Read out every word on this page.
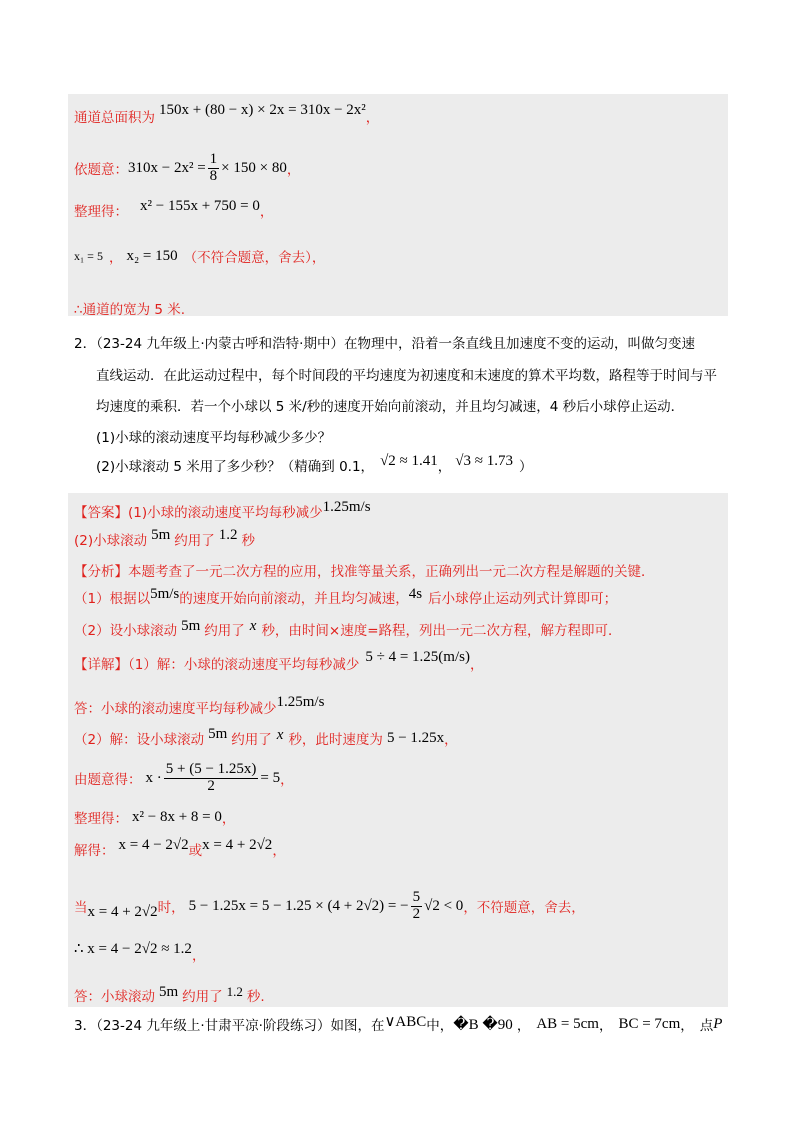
通道总面积为
150x + (80 − x) × 2x = 310x − 2x²
，
依题意： $310x - 2x^2 = \frac{1}{8} \times 150 \times 80$ ，
整理得： x² − 155x + 750 = 0 ，
x₁ = 5 ， x₂ = 150 （不符合题意，舍去），
∴通道的宽为 5 米.
2．（23-24 九年级上·内蒙古呼和浩特·期中）在物理中，沿着一条直线且加速度不变的运动，叫做匀变速
直线运动．在此运动过程中，每个时间段的平均速度为初速度和末速度的算术平均数，路程等于时间与平
均速度的乘积．若一个小球以 5 米/秒的速度开始向前滚动，并且均匀减速，4 秒后小球停止运动．
(1)小球的滚动速度平均每秒减少多少？
(2)小球滚动 5 米用了多少秒？（精确到 0.1， √2 ≈ 1.41 ， √3 ≈ 1.73 ）
【答案】(1)小球的滚动速度平均每秒减少 1.25m/s
(2)小球滚动 5m 约用了 1.2 秒
【分析】本题考查了一元二次方程的应用，找准等量关系，正确列出一元二次方程是解题的关键．
（1）根据以 5m/s 的速度开始向前滚动，并且均匀减速， 4s 后小球停止运动列式计算即可；
（2）设小球滚动 5m 约用了 x 秒，由时间×速度=路程，列出一元二次方程，解方程即可．
【详解】（1）解：小球的滚动速度平均每秒减少
5 ÷ 4 = 1.25(m/s)
，
答：小球的滚动速度平均每秒减少 1.25m/s
（2）解：设小球滚动 5m 约用了 x 秒，此时速度为 5 − 1.25x ，
由题意得： $x \cdot \frac{5 + (5 - 1.25x)}{2} = 5$ ，
整理得： x² − 8x + 8 = 0 ，
解得： x = 4 − 2√2 或 x = 4 + 2√2 ，
当 x = 4 + 2√2 时， 5 − 1.25x = 5 − 1.25 × (4 + 2√2) = − $\frac{5}{2} √2 < 0$ ，不符题意，舍去，
∴ x = 4 − 2√2 ≈ 1.2 ，
答：小球滚动 5m 约用了 1.2 秒.
3．（23-24 九年级上·甘肃平凉·阶段练习）如图，在 ∨ABC 中， �B �90 ， AB = 5cm ， BC = 7cm ， 点 P
